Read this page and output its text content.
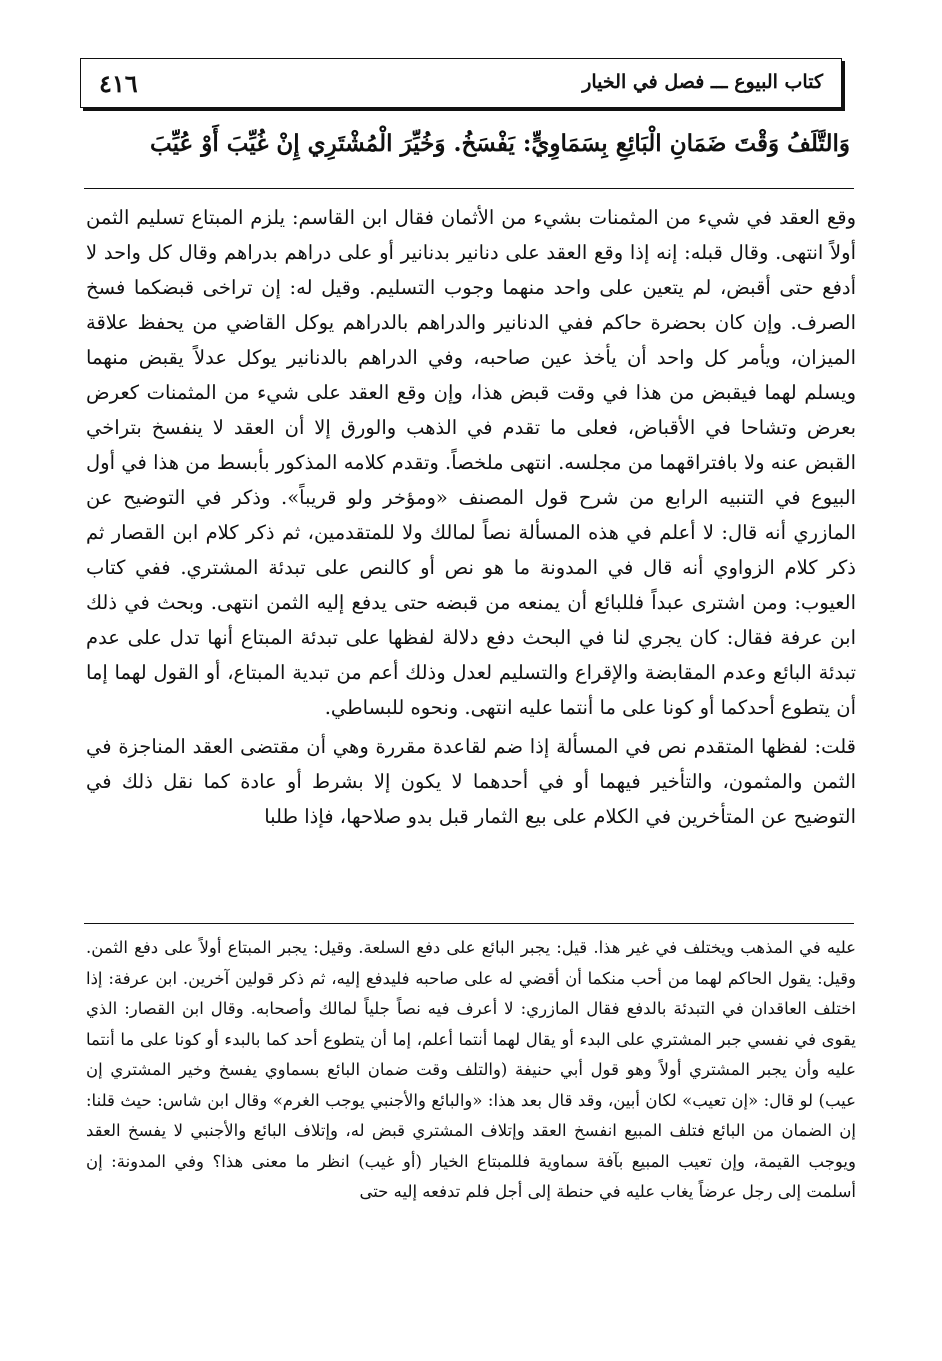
كتاب البيوع ـــ فصل في الخيار
٤١٦
وَالتَّلَفُ وَقْتَ ضَمَانِ الْبَائِعِ بِسَمَاوِيٍّ: يَفْسَخُ. وَخُيِّرَ الْمُشْتَرِي إِنْ غُيِّبَ أَوْ عُيِّبَ

وقع العقد في شيء من المثمنات بشيء من الأثمان فقال ابن القاسم: يلزم المبتاع تسليم الثمن أولاً انتهى. وقال قبله: إنه إذا وقع العقد على دنانير بدنانير أو على دراهم بدراهم وقال كل واحد لا أدفع حتى أقبض، لم يتعين على واحد منهما وجوب التسليم. وقيل له: إن تراخى قبضكما فسخ الصرف. وإن كان بحضرة حاكم ففي الدنانير والدراهم بالدراهم يوكل القاضي من يحفظ علاقة الميزان، ويأمر كل واحد أن يأخذ عين صاحبه، وفي الدراهم بالدنانير يوكل عدلاً يقبض منهما ويسلم لهما فيقبض من هذا في وقت قبض هذا، وإن وقع العقد على شيء من المثمنات كعرض بعرض وتشاحا في الأقباض، فعلى ما تقدم في الذهب والورق إلا أن العقد لا ينفسخ بتراخي القبض عنه ولا بافتراقهما من مجلسه. انتهى ملخصاً. وتقدم كلامه المذكور بأبسط من هذا في أول البيوع في التنبيه الرابع من شرح قول المصنف «ومؤخر ولو قريباً». وذكر في التوضيح عن المازري أنه قال: لا أعلم في هذه المسألة نصاً لمالك ولا للمتقدمين، ثم ذكر كلام ابن القصار ثم ذكر كلام الزواوي أنه قال في المدونة ما هو نص أو كالنص على تبدئة المشتري. ففي كتاب العيوب: ومن اشترى عبداً فللبائع أن يمنعه من قبضه حتى يدفع إليه الثمن انتهى. وبحث في ذلك ابن عرفة فقال: كان يجري لنا في البحث دفع دلالة لفظها على تبدئة المبتاع أنها تدل على عدم تبدئة البائع وعدم المقابضة والإقراع والتسليم لعدل وذلك أعم من تبدية المبتاع، أو القول لهما إما أن يتطوع أحدكما أو كونا على ما أنتما عليه انتهى. ونحوه للبساطي.

قلت: لفظها المتقدم نص في المسألة إذا ضم لقاعدة مقررة وهي أن مقتضى العقد المناجزة في الثمن والمثمون، والتأخير فيهما أو في أحدهما لا يكون إلا بشرط أو عادة كما نقل ذلك في التوضيح عن المتأخرين في الكلام على بيع الثمار قبل بدو صلاحها، فإذا طلبا

عليه في المذهب ويختلف في غير هذا. قيل: يجبر البائع على دفع السلعة. وقيل: يجبر المبتاع أولاً على دفع الثمن. وقيل: يقول الحاكم لهما من أحب منكما أن أقضي له على صاحبه فليدفع إليه، ثم ذكر قولين آخرين. ابن عرفة: إذا اختلف العاقدان في التبدئة بالدفع فقال المازري: لا أعرف فيه نصاً جلياً لمالك وأصحابه. وقال ابن القصار: الذي يقوى في نفسي جبر المشتري على البدء أو يقال لهما أنتما أعلم، إما أن يتطوع أحد كما بالبدء أو كونا على ما أنتما عليه وأن يجبر المشتري أولاً وهو قول أبي حنيفة (والتلف وقت ضمان البائع بسماوي يفسخ وخير المشتري إن عيب) لو قال: «إن تعيب» لكان أبين، وقد قال بعد هذا: «والبائع والأجنبي يوجب الغرم» وقال ابن شاس: حيث قلنا: إن الضمان من البائع فتلف المبيع انفسخ العقد وإتلاف المشتري قبض له، وإتلاف البائع والأجنبي لا يفسخ العقد ويوجب القيمة، وإن تعيب المبيع بآفة سماوية فللمبتاع الخيار (أو غيب) انظر ما معنى هذا؟ وفي المدونة: إن أسلمت إلى رجل عرضاً يغاب عليه في حنطة إلى أجل فلم تدفعه إليه حتى
